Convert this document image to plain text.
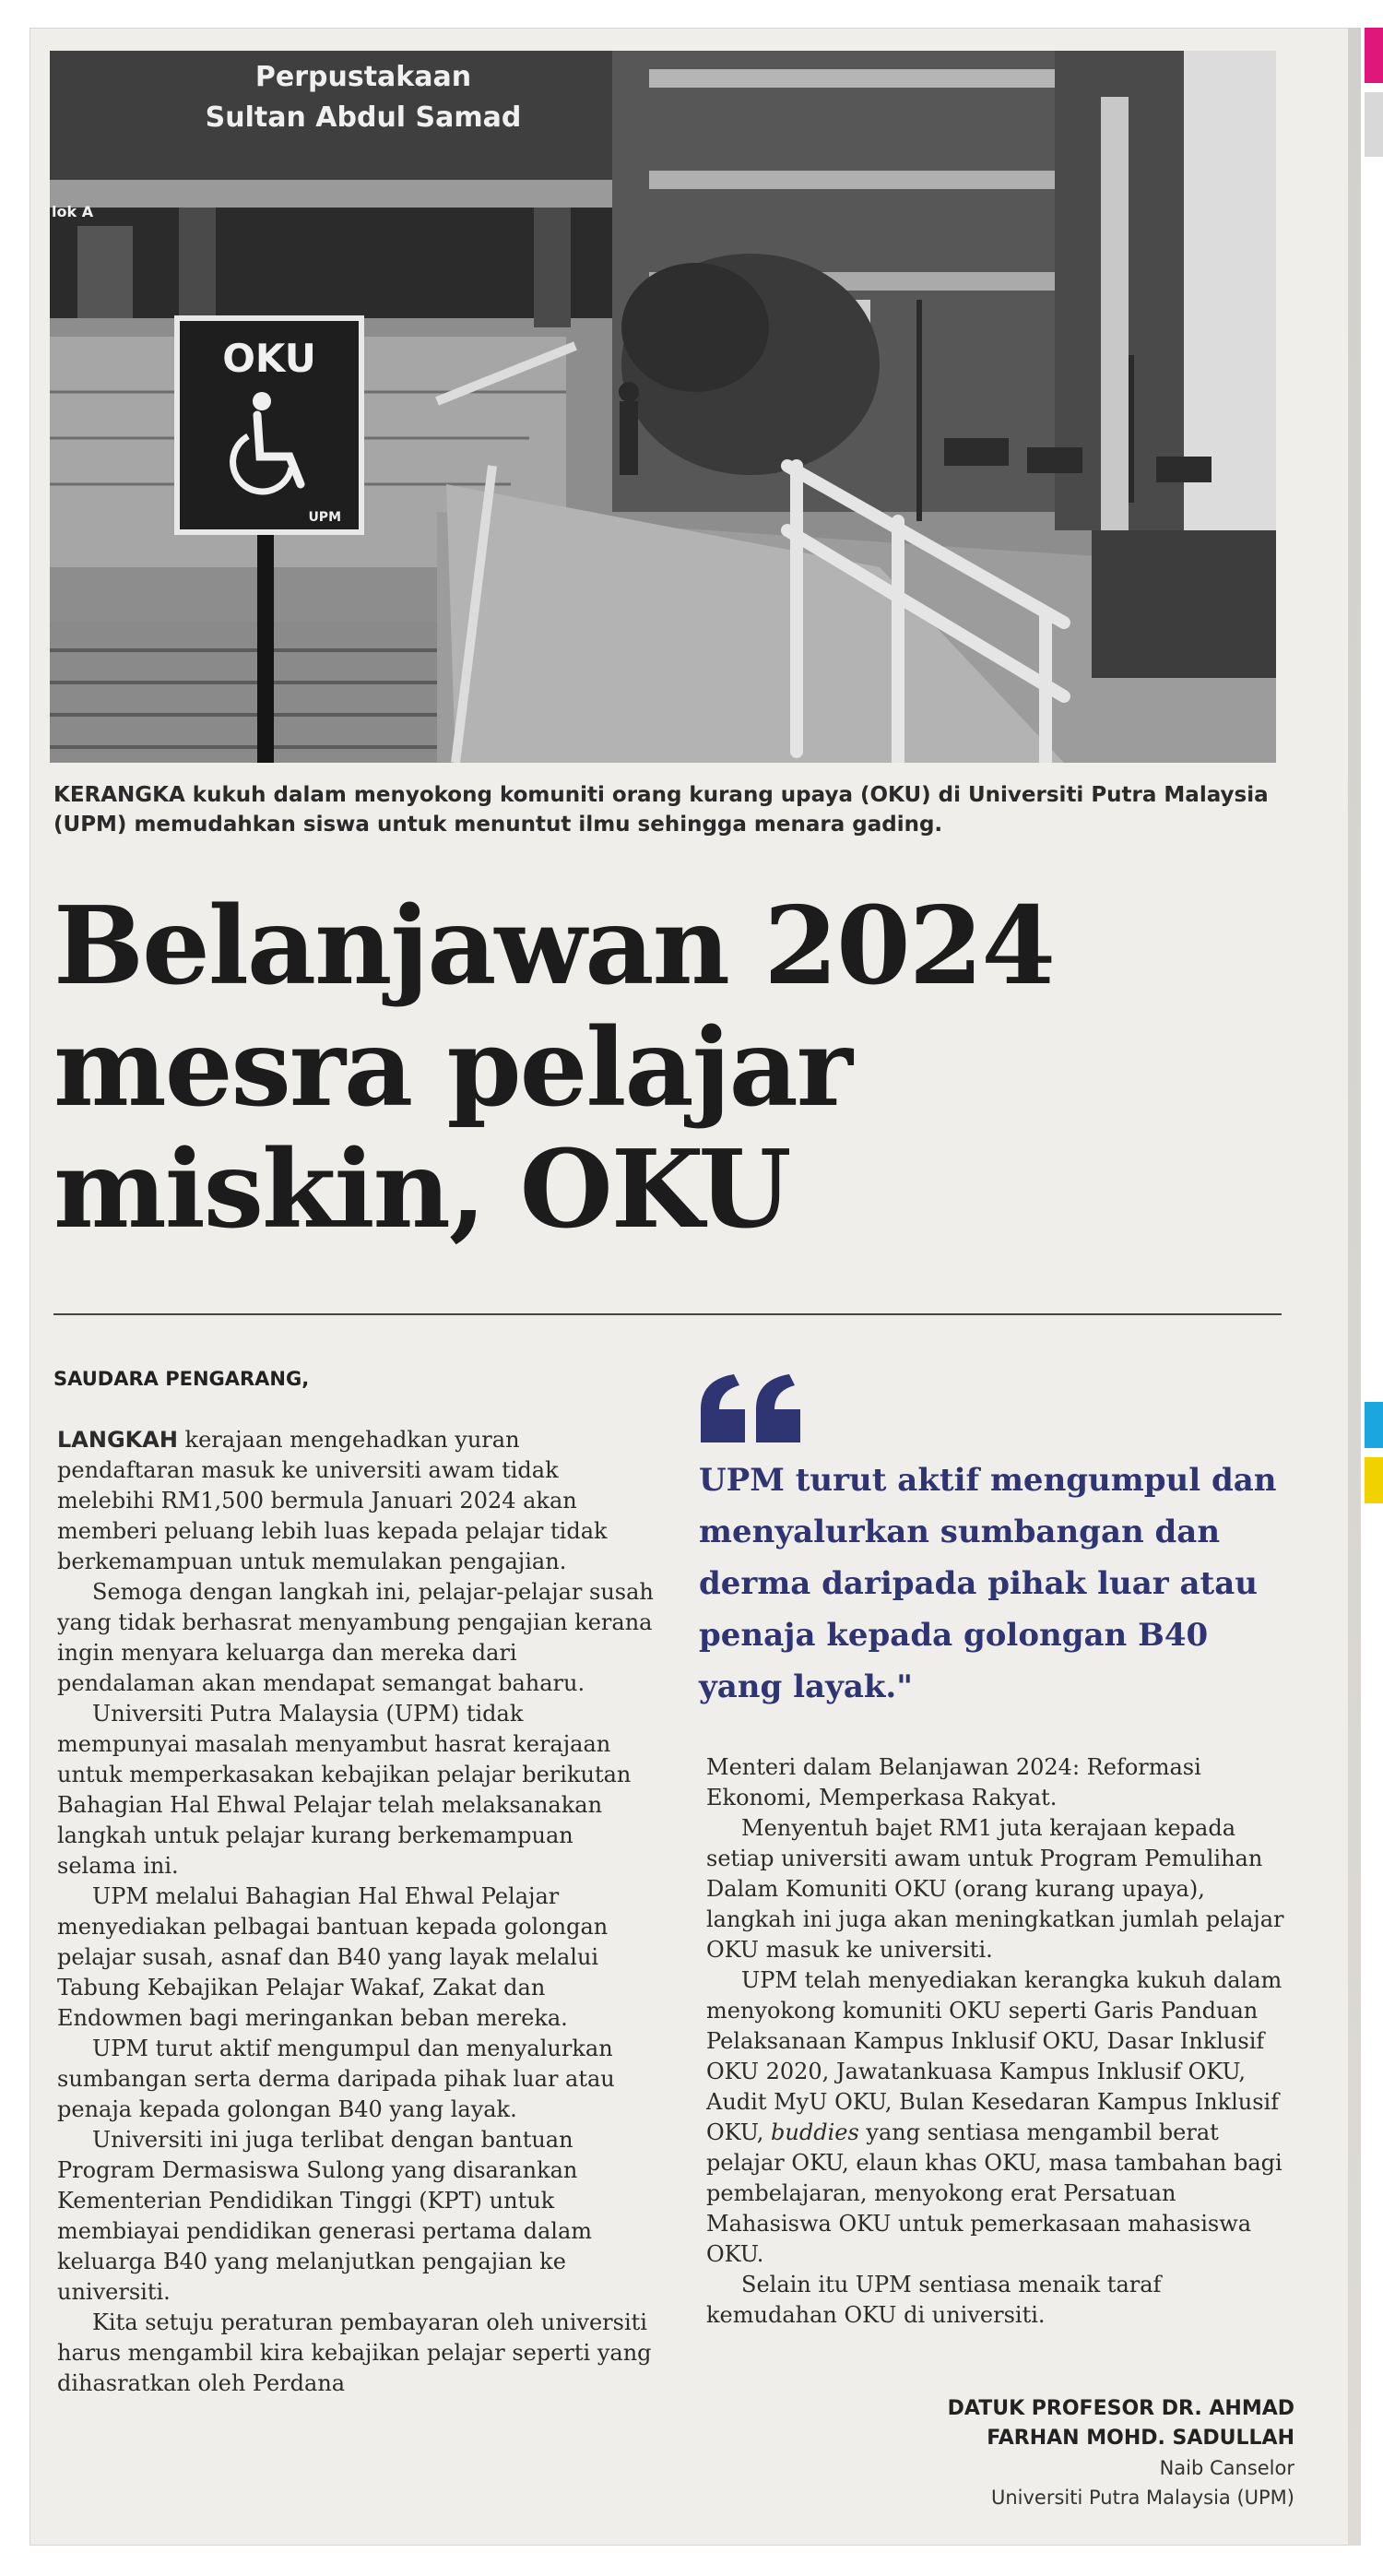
Perpustakaan
Sultan Abdul Samad
lok A
OKU
UPM
KERANGKA kukuh dalam menyokong komuniti orang kurang upaya (OKU) di Universiti Putra Malaysia (UPM) memudahkan siswa untuk menuntut ilmu sehingga menara gading.
Belanjawan 2024
mesra pelajar
miskin, OKU
SAUDARA PENGARANG,

LANGKAH kerajaan mengehadkan yuran pendaftaran masuk ke universiti awam tidak melebihi RM1,500 bermula Januari 2024 akan memberi peluang lebih luas kepada pelajar tidak berkemampuan untuk memulakan pengajian.

Semoga dengan langkah ini, pelajar-pelajar susah yang tidak berhasrat menyambung pengajian kerana ingin menyara keluarga dan mereka dari pendalaman akan mendapat semangat baharu.

Universiti Putra Malaysia (UPM) tidak mempunyai masalah menyambut hasrat kerajaan untuk memperkasakan kebajikan pelajar berikutan Bahagian Hal Ehwal Pelajar telah melaksanakan langkah untuk pelajar kurang berkemampuan selama ini.

UPM melalui Bahagian Hal Ehwal Pelajar menyediakan pelbagai bantuan kepada golongan pelajar susah, asnaf dan B40 yang layak melalui Tabung Kebajikan Pelajar Wakaf, Zakat dan Endowmen bagi meringankan beban mereka.

UPM turut aktif mengumpul dan menyalurkan sumbangan serta derma daripada pihak luar atau penaja kepada golongan B40 yang layak.

Universiti ini juga terlibat dengan bantuan Program Dermasiswa Sulong yang disarankan Kementerian Pendidikan Tinggi (KPT) untuk membiayai pendidikan generasi pertama dalam keluarga B40 yang melanjutkan pengajian ke universiti.

Kita setuju peraturan pembayaran oleh universiti harus mengambil kira kebajikan pelajar seperti yang dihasratkan oleh Perdana

UPM turut aktif mengumpul dan menyalurkan sumbangan dan derma daripada pihak luar atau penaja kepada golongan B40 yang layak."

Menteri dalam Belanjawan 2024: Reformasi Ekonomi, Memperkasa Rakyat.

Menyentuh bajet RM1 juta kerajaan kepada setiap universiti awam untuk Program Pemulihan Dalam Komuniti OKU (orang kurang upaya), langkah ini juga akan meningkatkan jumlah pelajar OKU masuk ke universiti.

UPM telah menyediakan kerangka kukuh dalam menyokong komuniti OKU seperti Garis Panduan Pelaksanaan Kampus Inklusif OKU, Dasar Inklusif OKU 2020, Jawatankuasa Kampus Inklusif OKU, Audit MyU OKU, Bulan Kesedaran Kampus Inklusif OKU, buddies yang sentiasa mengambil berat pelajar OKU, elaun khas OKU, masa tambahan bagi pembelajaran, menyokong erat Persatuan Mahasiswa OKU untuk pemerkasaan mahasiswa OKU.

Selain itu UPM sentiasa menaik taraf kemudahan OKU di universiti.

DATUK PROFESOR DR. AHMAD
FARHAN MOHD. SADULLAH
Naib Canselor
Universiti Putra Malaysia (UPM)
